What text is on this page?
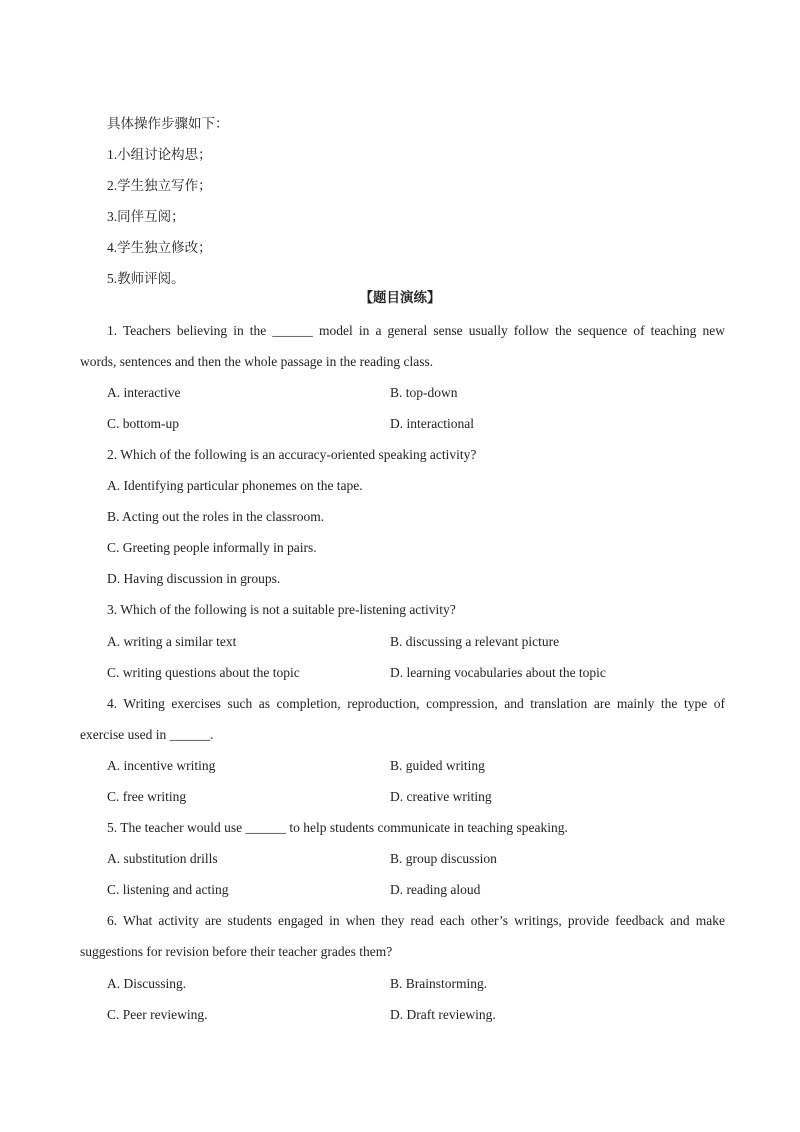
具体操作步骤如下：
1.小组讨论构思；
2.学生独立写作；
3.同伴互阅；
4.学生独立修改；
5.教师评阅。
【题目演练】
1. Teachers believing in the ______ model in a general sense usually follow the sequence of teaching new
words, sentences and then the whole passage in the reading class.
A. interactive	B. top-down
C. bottom-up	D. interactional
2. Which of the following is an accuracy-oriented speaking activity?
A. Identifying particular phonemes on the tape.
B. Acting out the roles in the classroom.
C. Greeting people informally in pairs.
D. Having discussion in groups.
3. Which of the following is not a suitable pre-listening activity?
A. writing a similar text	B. discussing a relevant picture
C. writing questions about the topic	D. learning vocabularies about the topic
4. Writing exercises such as completion, reproduction, compression, and translation are mainly the type of
exercise used in ______.
A. incentive writing	B. guided writing
C. free writing	D. creative writing
5. The teacher would use ______ to help students communicate in teaching speaking.
A. substitution drills	B. group discussion
C. listening and acting	D. reading aloud
6. What activity are students engaged in when they read each other’s writings, provide feedback and make
suggestions for revision before their teacher grades them?
A. Discussing.	B. Brainstorming.
C. Peer reviewing.	D. Draft reviewing.
